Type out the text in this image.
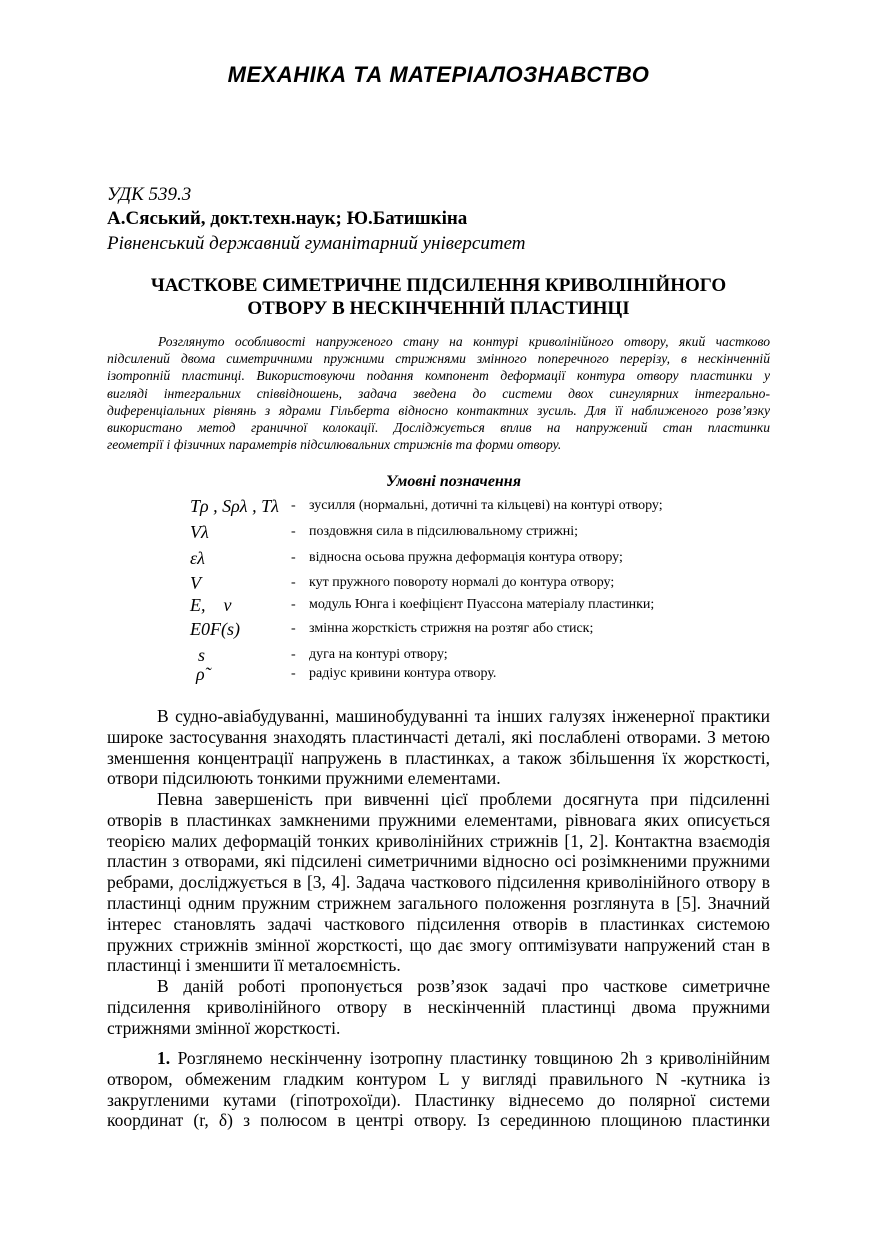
МЕХАНІКА ТА МАТЕРІАЛОЗНАВСТВО
УДК 539.3
А.Сяський, докт.техн.наук; Ю.Батишкіна
Рівненський державний гуманітарний університет
ЧАСТКОВЕ СИМЕТРИЧНЕ ПІДСИЛЕННЯ КРИВОЛІНІЙНОГО
ОТВОРУ В НЕСКІНЧЕННІЙ ПЛАСТИНЦІ
Розглянуто особливості напруженого стану на контурі криволінійного отвору, який частково
підсилений двома симетричними пружними стрижнями змінного поперечного перерізу, в нескінченній
ізотропній пластинці. Використовуючи подання компонент деформації контура отвору пластинки у
вигляді інтегральних співвідношень, задача зведена до системи двох сингулярних інтегрально-
диференціальних рівнянь з ядрами Гільберта відносно контактних зусиль. Для її наближеного розв’язку
використано метод граничної колокації. Досліджується вплив на напружений стан пластинки
геометрії і фізичних параметрів підсилювальних стрижнів та форми отвору.
Умовні позначення
Tρ , Sρλ , Tλ - зусилля (нормальні, дотичні та кільцеві) на контурі отвору;
Vλ	- поздовжня сила в підсилювальному стрижні;
ελ	- відносна осьова пружна деформація контура отвору;
V	- кут пружного повороту нормалі до контура отвору;
E,    ν	- модуль Юнга і коефіцієнт Пуассона матеріалу пластинки;
E0F(s)	- змінна жорсткість стрижня на розтяг або стиск;
s	- дуга на контурі отвору;
ρ̃	- радіус кривини контура отвору.
В судно-авіабудуванні, машинобудуванні та інших галузях інженерної практики
широке застосування знаходять пластинчасті деталі, які послаблені отворами. З метою
зменшення концентрації напружень в пластинках, а також збільшення їх жорсткості,
отвори підсилюють тонкими пружними елементами.
Певна завершеність при вивченні цієї проблеми досягнута при підсиленні
отворів в пластинках замкненими пружними елементами, рівновага яких описується
теорією малих деформацій тонких криволінійних стрижнів [1, 2]. Контактна взаємодія
пластин з отворами, які підсилені симетричними відносно осі розімкненими пружними
ребрами, досліджується в [3, 4]. Задача часткового підсилення криволінійного отвору в
пластинці одним пружним стрижнем загального положення розглянута в [5]. Значний
інтерес становлять задачі часткового підсилення отворів в пластинках системою
пружних стрижнів змінної жорсткості, що дає змогу оптимізувати напружений стан в
пластинці і зменшити її металоємність.
В даній роботі пропонується розв’язок задачі про часткове симетричне
підсилення криволінійного отвору в нескінченній пластинці двома пружними
стрижнями змінної жорсткості.
1. Розглянемо нескінченну ізотропну пластинку товщиною 2h з криволінійним
отвором, обмеженим гладким контуром L у вигляді правильного N -кутника із
закругленими кутами (гіпотрохоїди). Пластинку віднесемо до полярної системи
координат (r, δ) з полюсом в центрі отвору. Із серединною площиною пластинки
